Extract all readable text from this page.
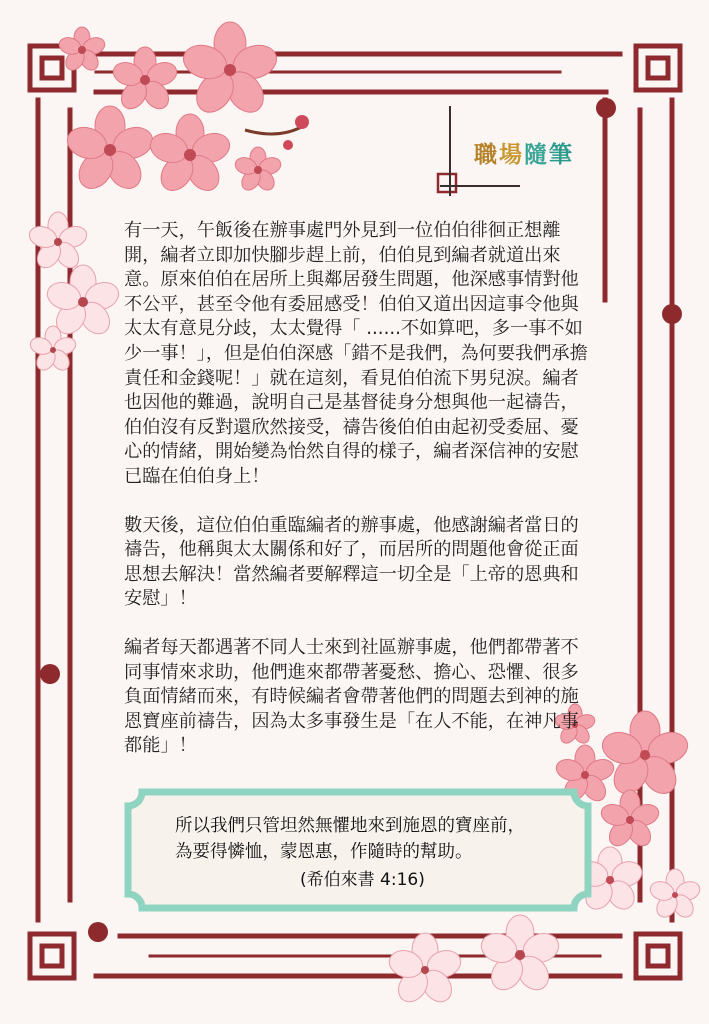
職場隨筆

有一天，午飯後在辦事處門外見到一位伯伯徘徊正想離開，編者立即加快腳步趕上前，伯伯見到編者就道出來意。原來伯伯在居所上與鄰居發生問題，他深感事情對他不公平，甚至令他有委屈感受！伯伯又道出因這事令他與太太有意見分歧，太太覺得「 ......不如算吧，多一事不如少一事！」，但是伯伯深感「錯不是我們，為何要我們承擔責任和金錢呢！」就在這刻，看見伯伯流下男兒淚。編者也因他的難過，說明自己是基督徒身分想與他一起禱告，伯伯沒有反對還欣然接受，禱告後伯伯由起初受委屈、憂心的情緒，開始變為怡然自得的樣子，編者深信神的安慰已臨在伯伯身上！

數天後，這位伯伯重臨編者的辦事處，他感謝編者當日的禱告，他稱與太太關係和好了，而居所的問題他會從正面思想去解決！當然編者要解釋這一切全是「上帝的恩典和安慰」！

編者每天都遇著不同人士來到社區辦事處，他們都帶著不同事情來求助，他們進來都帶著憂愁、擔心、恐懼、很多負面情緒而來，有時候編者會帶著他們的問題去到神的施恩寶座前禱告，因為太多事發生是「在人不能，在神凡事都能」！

所以我們只管坦然無懼地來到施恩的寶座前，
為要得憐恤，蒙恩惠，作隨時的幫助。
(希伯來書 4:16)
